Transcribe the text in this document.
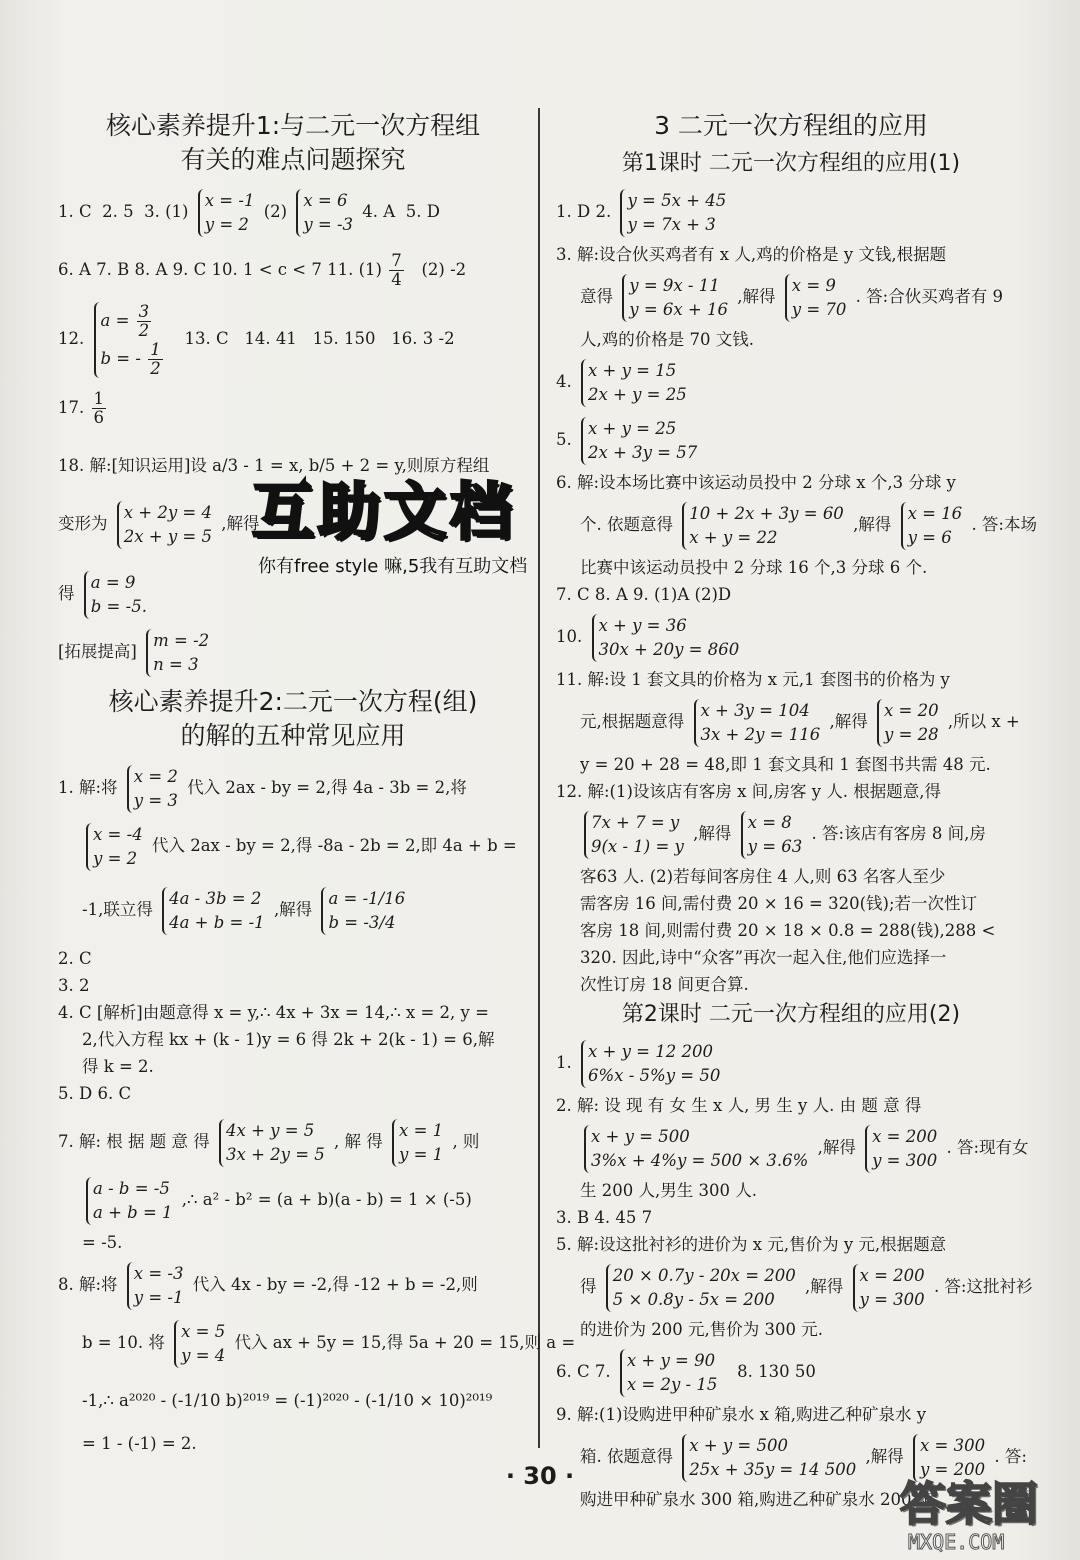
核心素养提升1:与二元一次方程组
有关的难点问题探究
1. C 2. 5 3. (1)
x = -1
y = 2
(2)
x = 6
y = -3
4. A 5. D
6. A 7. B 8. A 9. C 10. 1 < c < 7 11. $(1) \frac{7}{4} (2)$ -2
12.
$a = \frac{3}{2}$
b = - $\frac{1}{2}$
13. C 14. 41 15. 150 16. 3 -2
17. $\frac{1}{6}$
18. 解:[知识运用]设 a/3 - 1 = x, b/5 + 2 = y,则原方程组
变形为
x + 2y = 4
2x + y = 5
,解得
得
a = 9
b = -5.
[拓展提高]
m = -2
n = 3
核心素养提升2:二元一次方程(组)
的解的五种常见应用
1. 解:将
x = 2
y = 3
代入 2ax - by = 2,得 4a - 3b = 2,将
x = -4
y = 2
代入 2ax - by = 2,得 -8a - 2b = 2,即 4a + b =
-1,联立得
4a - 3b = 2
4a + b = -1
,解得
a = -1/16
b = -3/4
2. C
3. 2
4. C [解析]由题意得 x = y,∴ 4x + 3x = 14,∴ x = 2, y =
2,代入方程 kx + (k - 1)y = 6 得 2k + 2(k - 1) = 6,解
得 k = 2.
5. D 6. C
7. 解: 根 据 题 意 得
4x + y = 5
3x + 2y = 5
, 解 得
x = 1
y = 1
, 则
a - b = -5
a + b = 1
,∴ a² - b² = (a + b)(a - b) = 1 × (-5)
= -5.
8. 解:将
x = -3
y = -1
代入 4x - by = -2,得 -12 + b = -2,则
b = 10. 将
x = 5
y = 4
代入 ax + 5y = 15,得 5a + 20 = 15,则 a =
-1,∴ a²⁰²⁰ - (-1/10 b)²⁰¹⁹ = (-1)²⁰²⁰ - (-1/10 × 10)²⁰¹⁹
= 1 - (-1) = 2.
3 二元一次方程组的应用
第1课时 二元一次方程组的应用(1)
1. D 2.
y = 5x + 45
y = 7x + 3
3. 解:设合伙买鸡者有 x 人,鸡的价格是 y 文钱,根据题
意得
y = 9x - 11
y = 6x + 16
,解得
x = 9
y = 70
. 答:合伙买鸡者有 9
人,鸡的价格是 70 文钱.
4.
x + y = 15
2x + y = 25
5.
x + y = 25
2x + 3y = 57
6. 解:设本场比赛中该运动员投中 2 分球 x 个,3 分球 y
个. 依题意得
10 + 2x + 3y = 60
x + y = 22
,解得
x = 16
y = 6
. 答:本场
比赛中该运动员投中 2 分球 16 个,3 分球 6 个.
7. C 8. A 9. (1)A (2)D
10.
x + y = 36
30x + 20y = 860
11. 解:设 1 套文具的价格为 x 元,1 套图书的价格为 y
元,根据题意得
x + 3y = 104
3x + 2y = 116
,解得
x = 20
y = 28
,所以 x +
y = 20 + 28 = 48,即 1 套文具和 1 套图书共需 48 元.
12. 解:(1)设该店有客房 x 间,房客 y 人. 根据题意,得
7x + 7 = y
9(x - 1) = y
,解得
x = 8
y = 63
. 答:该店有客房 8 间,房
客63 人. (2)若每间客房住 4 人,则 63 名客人至少
需客房 16 间,需付费 20 × 16 = 320(钱);若一次性订
客房 18 间,则需付费 20 × 18 × 0.8 = 288(钱),288 <
320. 因此,诗中“众客”再次一起入住,他们应选择一
次性订房 18 间更合算.
第2课时 二元一次方程组的应用(2)
1.
x + y = 12 200
6%x - 5%y = 50
2. 解: 设 现 有 女 生 x 人, 男 生 y 人. 由 题 意 得
x + y = 500
3%x + 4%y = 500 × 3.6%
,解得
x = 200
y = 300
. 答:现有女
生 200 人,男生 300 人.
3. B 4. 45 7
5. 解:设这批衬衫的进价为 x 元,售价为 y 元,根据题意
得
20 × 0.7y - 20x = 200
5 × 0.8y - 5x = 200
,解得
x = 200
y = 300
. 答:这批衬衫
的进价为 200 元,售价为 300 元.
6. C 7.
x + y = 90
x = 2y - 15
8. 130 50
9. 解:(1)设购进甲种矿泉水 x 箱,购进乙种矿泉水 y
箱. 依题意得
x + y = 500
25x + 35y = 14 500
,解得
x = 300
y = 200
. 答:
购进甲种矿泉水 300 箱,购进乙种矿泉水 200 箱.
· 30 ·
互助文档
你有free style 嘛,5我有互助文档
答案圈
MXQE.COM
